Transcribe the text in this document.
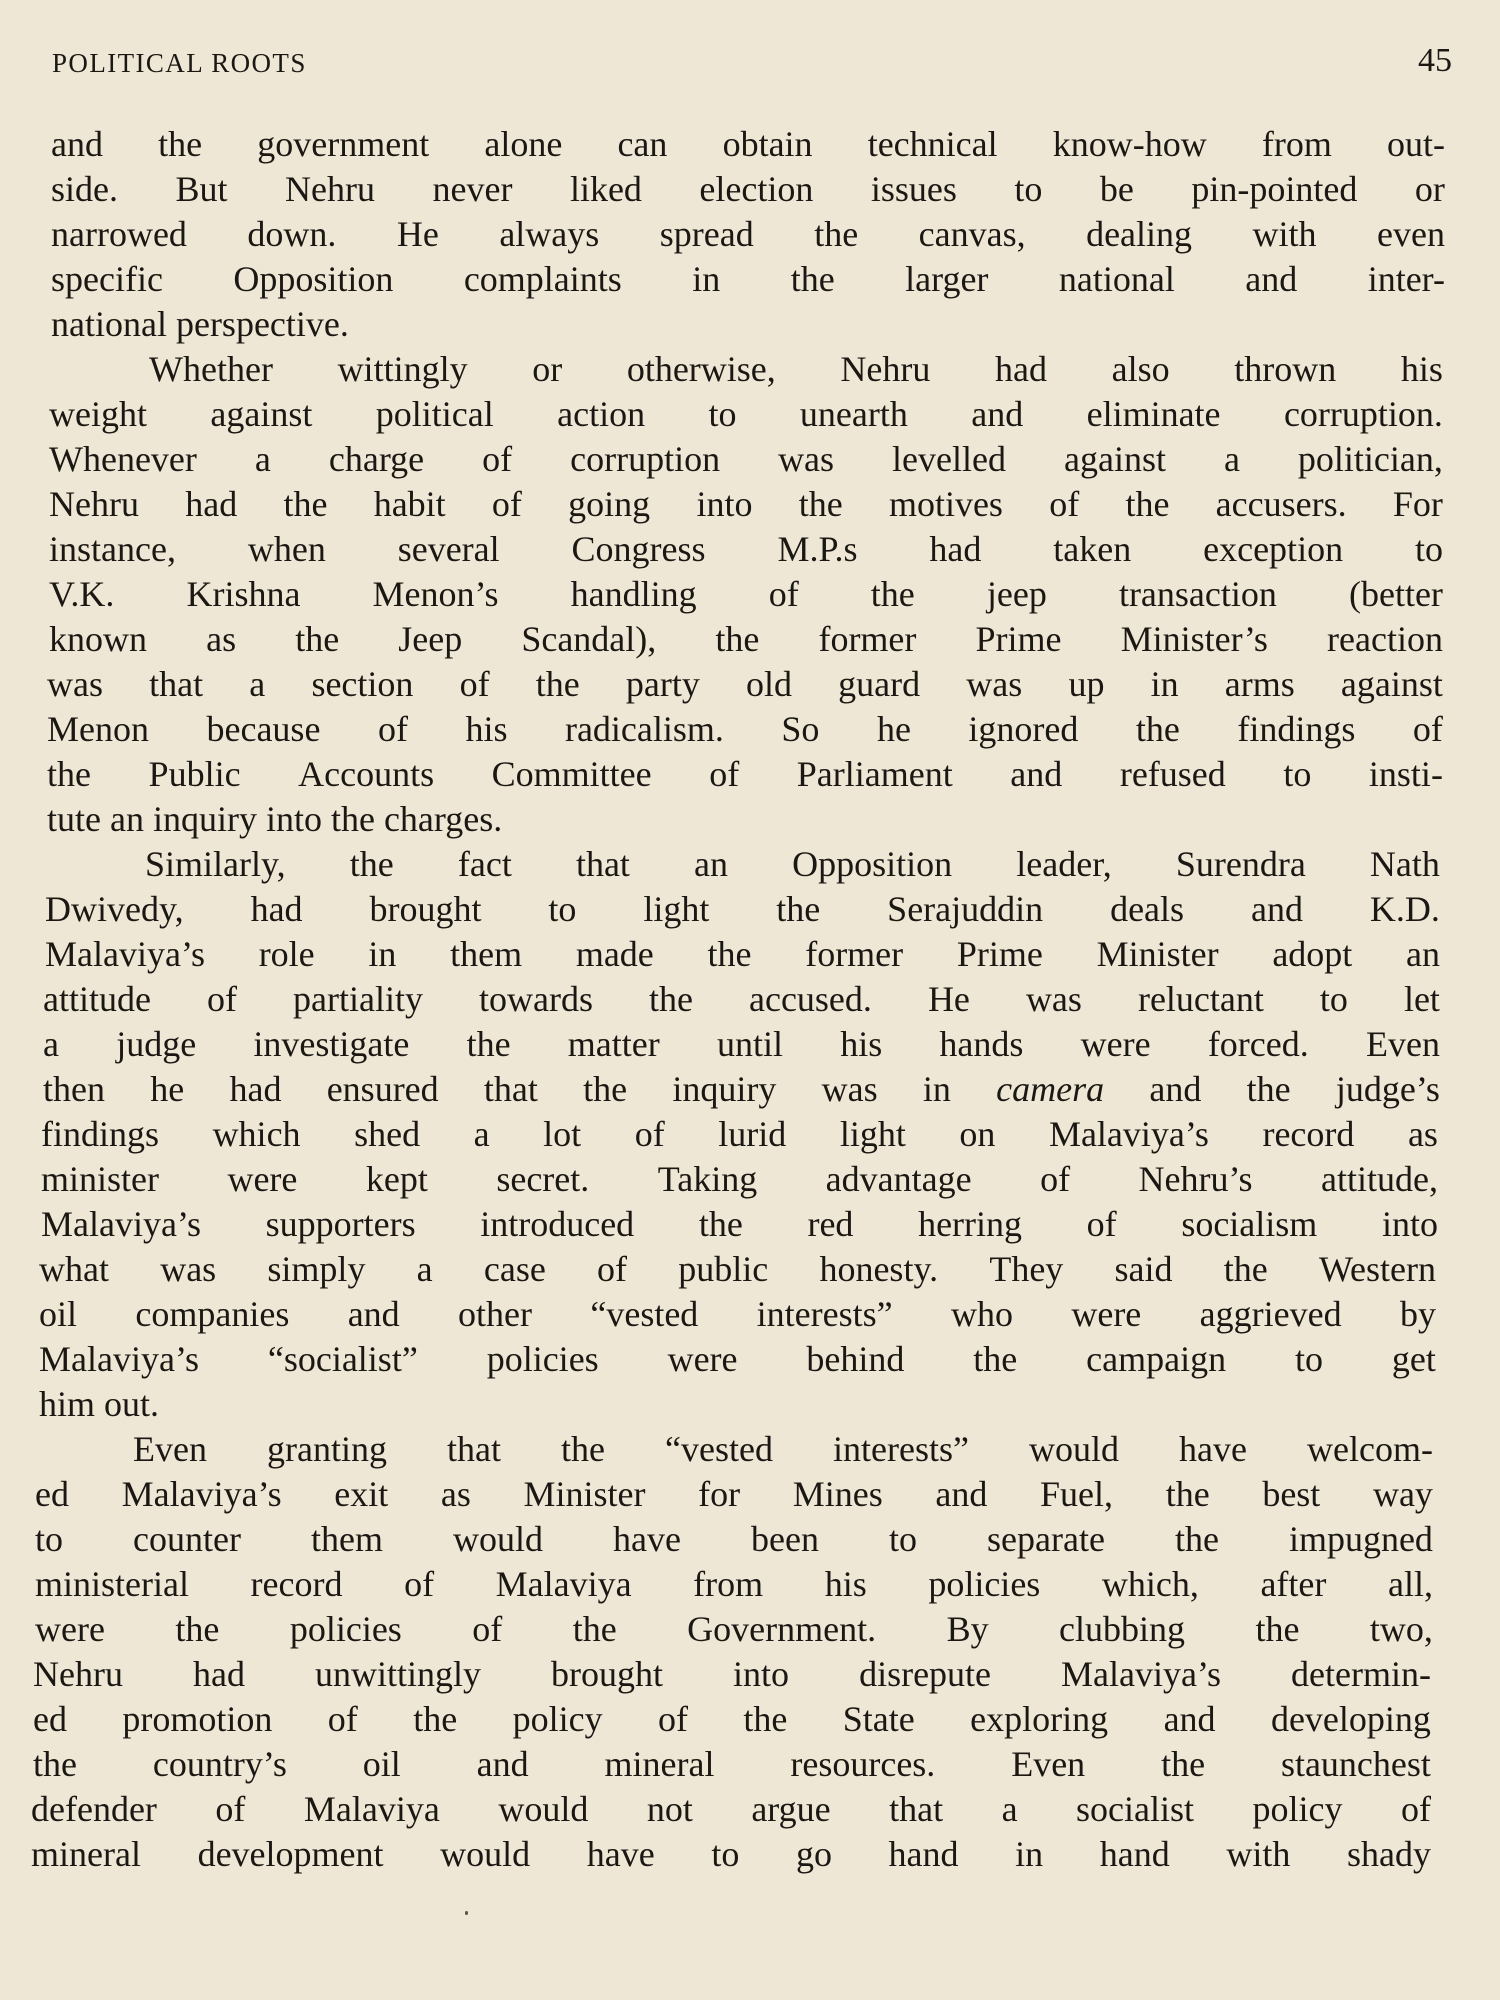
POLITICAL ROOTS	45
and the government alone can obtain technical know-how from out-
side. But Nehru never liked election issues to be pin-pointed or
narrowed down. He always spread the canvas, dealing with even
specific Opposition complaints in the larger national and inter-
national perspective.
Whether wittingly or otherwise, Nehru had also thrown his
weight against political action to unearth and eliminate corruption.
Whenever a charge of corruption was levelled against a politician,
Nehru had the habit of going into the motives of the accusers. For
instance, when several Congress M.P.s had taken exception to
V.K. Krishna Menon’s handling of the jeep transaction (better
known as the Jeep Scandal), the former Prime Minister’s reaction
was that a section of the party old guard was up in arms against
Menon because of his radicalism. So he ignored the findings of
the Public Accounts Committee of Parliament and refused to insti-
tute an inquiry into the charges.
Similarly, the fact that an Opposition leader, Surendra Nath
Dwivedy, had brought to light the Serajuddin deals and K.D.
Malaviya’s role in them made the former Prime Minister adopt an
attitude of partiality towards the accused. He was reluctant to let
a judge investigate the matter until his hands were forced. Even
then he had ensured that the inquiry was in camera and the judge’s
findings which shed a lot of lurid light on Malaviya’s record as
minister were kept secret. Taking advantage of Nehru’s attitude,
Malaviya’s supporters introduced the red herring of socialism into
what was simply a case of public honesty. They said the Western
oil companies and other “vested interests” who were aggrieved by
Malaviya’s “socialist” policies were behind the campaign to get
him out.
Even granting that the “vested interests” would have welcom-
ed Malaviya’s exit as Minister for Mines and Fuel, the best way
to counter them would have been to separate the impugned
ministerial record of Malaviya from his policies which, after all,
were the policies of the Government. By clubbing the two,
Nehru had unwittingly brought into disrepute Malaviya’s determin-
ed promotion of the policy of the State exploring and developing
the country’s oil and mineral resources. Even the staunchest
defender of Malaviya would not argue that a socialist policy of
mineral development would have to go hand in hand with shady
